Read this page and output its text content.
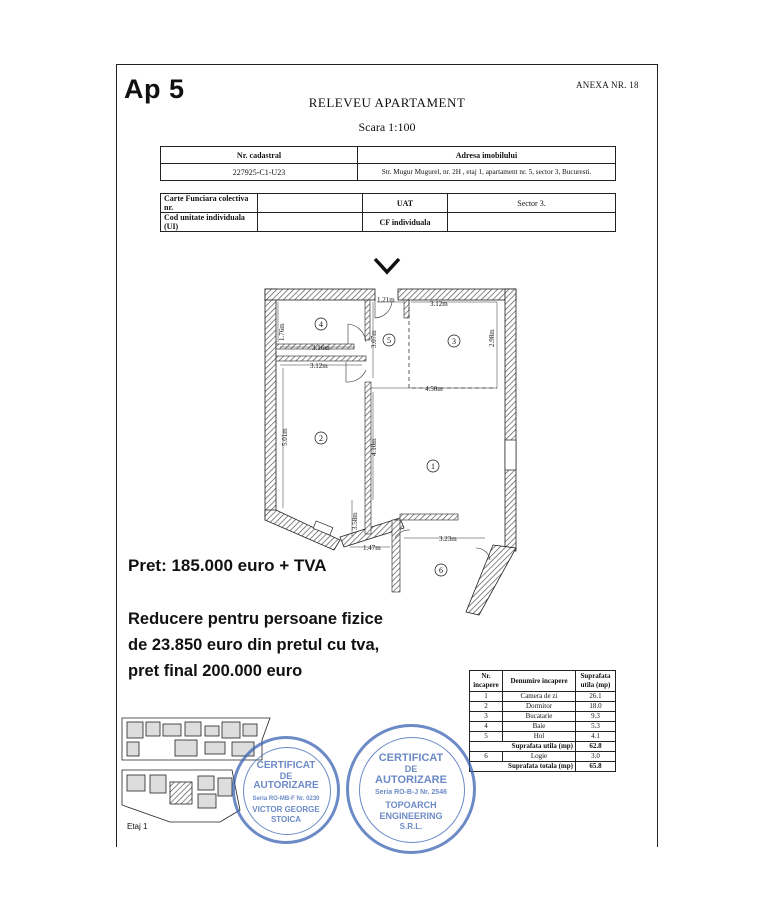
Ap 5	ANEXA NR. 18
RELEVEU APARTAMENT
Scara 1:100
Nr. cadastral	Adresa imobilului
227925-C1-U23	Str. Mugur Mugurel, nr. 2H , etaj 1, apartament nr. 5, sector 3, Bucuresti.
Carte Funciara colectiva nr.		UAT	Sector 3.
Cod unitate individuala (UI)		CF individuala	
1.21m	3.12m
1.76m
3.16m
3.12m
3.07m	2.98m
4.50m
5.01m
4.10m
3.58m
1.47m
3.23m
4
5	3
2
1
6
Pret: 185.000 euro + TVA
Reducere pentru persoane fizice de 23.850 euro din pretul cu tva, pret final 200.000 euro	Nr. incapere	Denumire incapere	Suprafata utila (mp)
1	Camera de zi	26.1
2	Dormitor	18.0
3	Bucatarie	9.3
4	Baie	5.3
5	Hol	4.1
Suprafata utila (mp)		62.8
6	Logie	3.0
Suprafata totala (mp)		65.8
Etaj 1
CERTIFICAT
DE
AUTORIZARE
Seria RO-MB-F Nr. 0230
VICTOR GEORGE
STOICA
CERTIFICAT
DE
AUTORIZARE
Seria RO-B-J Nr. 2546
TOPOARCH
ENGINEERING
S.R.L.
